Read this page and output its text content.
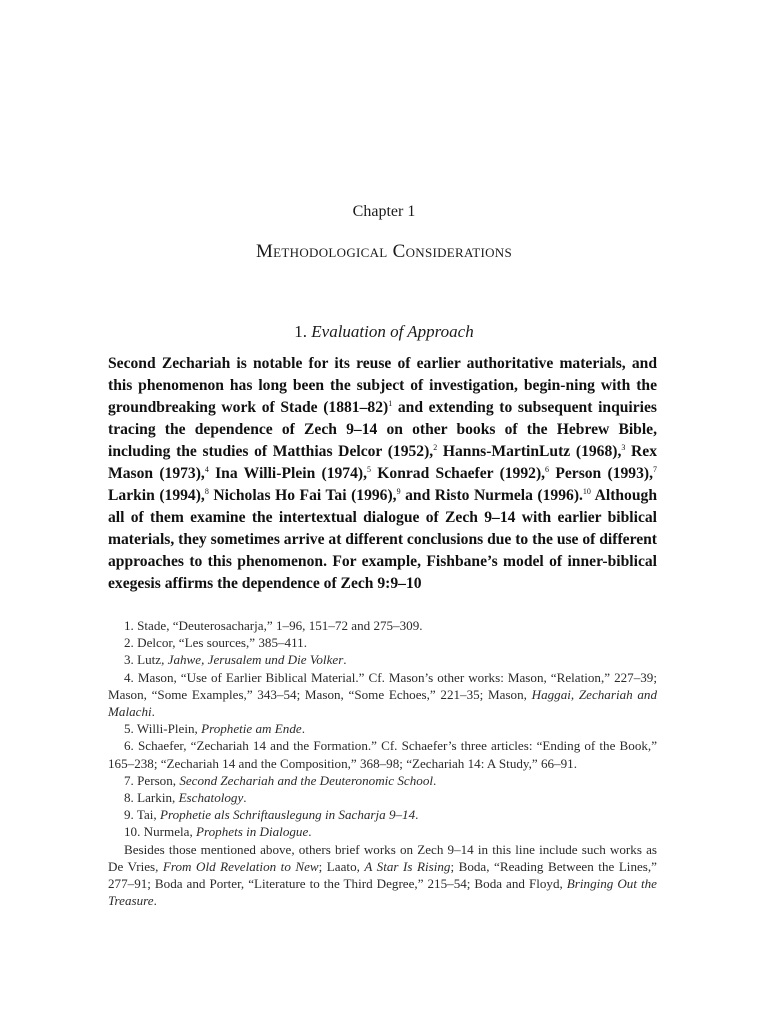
Chapter 1
Methodological Considerations
1. Evaluation of Approach

Second Zechariah is notable for its reuse of earlier authoritative materials, and this phenomenon has long been the subject of investigation, begin-ning with the groundbreaking work of Stade (1881–82)$^1$ and extending to subsequent inquiries tracing the dependence of Zech 9–14 on other books of the Hebrew Bible, including the studies of Matthias Delcor (1952),$^2$ Hanns-MartinLutz (1968),$^3$ Rex Mason (1973),$^4$ Ina Willi-Plein (1974),$^5$ Konrad Schaefer (1992),$^6$ Person (1993),$^7$ Larkin (1994),$^8$ Nicholas Ho Fai Tai (1996),$^9$ and Risto Nurmela (1996).$^{10}$ Although all of them examine the intertextual dialogue of Zech 9–14 with earlier biblical materials, they sometimes arrive at different conclusions due to the use of different approaches to this phenomenon. For example, Fishbane’s model of inner-biblical exegesis affirms the dependence of Zech 9:9–10

1. Stade, “Deuterosacharja,” 1–96, 151–72 and 275–309.

2. Delcor, “Les sources,” 385–411.

3. Lutz, Jahwe, Jerusalem und Die Volker.

4. Mason, “Use of Earlier Biblical Material.” Cf. Mason’s other works: Mason, “Relation,” 227–39; Mason, “Some Examples,” 343–54; Mason, “Some Echoes,” 221–35; Mason, Haggai, Zechariah and Malachi.

5. Willi-Plein, Prophetie am Ende.

6. Schaefer, “Zechariah 14 and the Formation.” Cf. Schaefer’s three articles: “Ending of the Book,” 165–238; “Zechariah 14 and the Composition,” 368–98; “Zechariah 14: A Study,” 66–91.

7. Person, Second Zechariah and the Deuteronomic School.

8. Larkin, Eschatology.

9. Tai, Prophetie als Schriftauslegung in Sacharja 9–14.

10. Nurmela, Prophets in Dialogue.

Besides those mentioned above, others brief works on Zech 9–14 in this line include such works as De Vries, From Old Revelation to New; Laato, A Star Is Rising; Boda, “Reading Between the Lines,” 277–91; Boda and Porter, “Literature to the Third Degree,” 215–54; Boda and Floyd, Bringing Out the Treasure.
